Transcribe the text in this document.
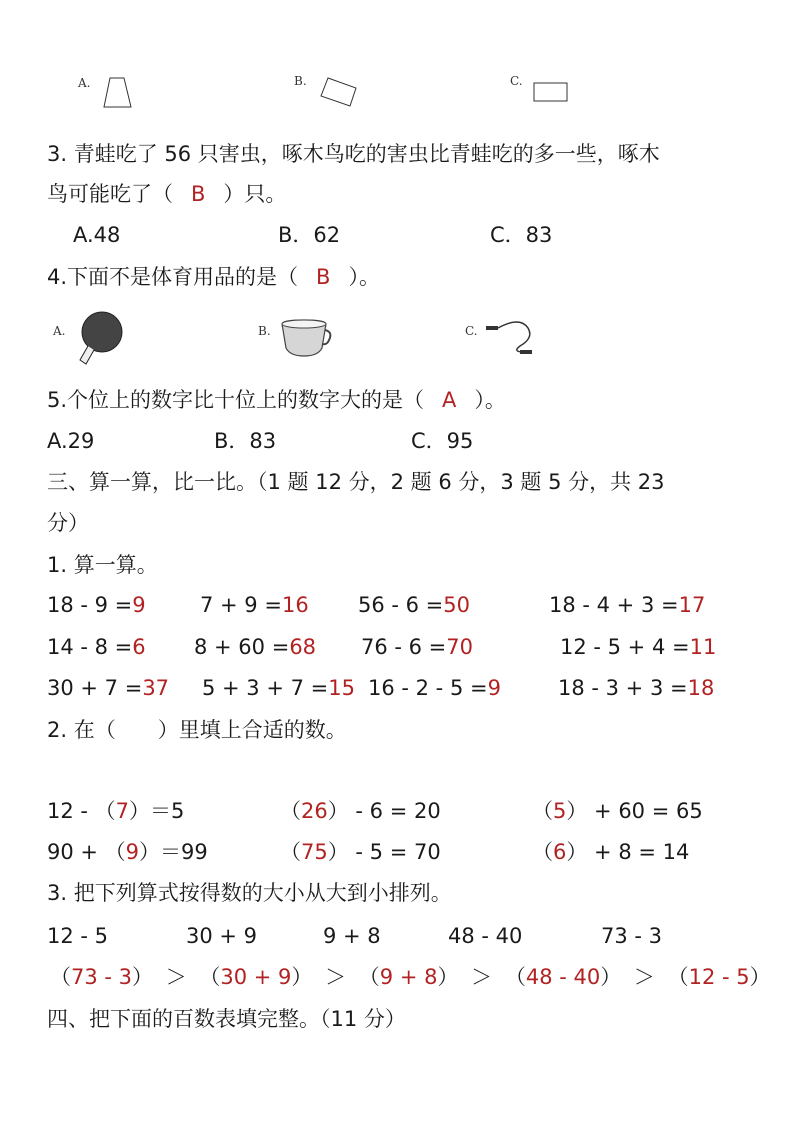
A.	B.	C.
3. 青蛙吃了 56 只害虫，啄木鸟吃的害虫比青蛙吃的多一些，啄木
鸟可能吃了（ B ）只。
A.48	B．62	C．83
4.下面不是体育用品的是（ B ）。
A.	B.	C.
5.个位上的数字比十位上的数字大的是（ A ）。
A.29	B．83	C．95
三、算一算，比一比。（1 题 12 分，2 题 6 分，3 题 5 分，共 23
分）
1. 算一算。
18 - 9 =9	7 + 9 =16 56 - 6 =50	18 - 4 + 3 =17
14 - 8 =6 8 + 60 =68 76 - 6 =70	12 - 5 + 4 =11
30 + 7 =37 5 + 3 + 7 =15 16 - 2 - 5 =9	18 - 3 + 3 =18
2. 在（　　）里填上合适的数。
12 - （7）＝5	（26） - 6 = 20	（5） + 60 = 65
90 + （9）＝99	（75） - 5 = 70	（6） + 8 = 14
3. 把下列算式按得数的大小从大到小排列。
12 - 5	30 + 9	9 + 8	48 - 40	73 - 3
（73 - 3） ＞ （30 + 9） ＞ （9 + 8） ＞ （48 - 40） ＞ （12 - 5）
四、把下面的百数表填完整。（11 分）
